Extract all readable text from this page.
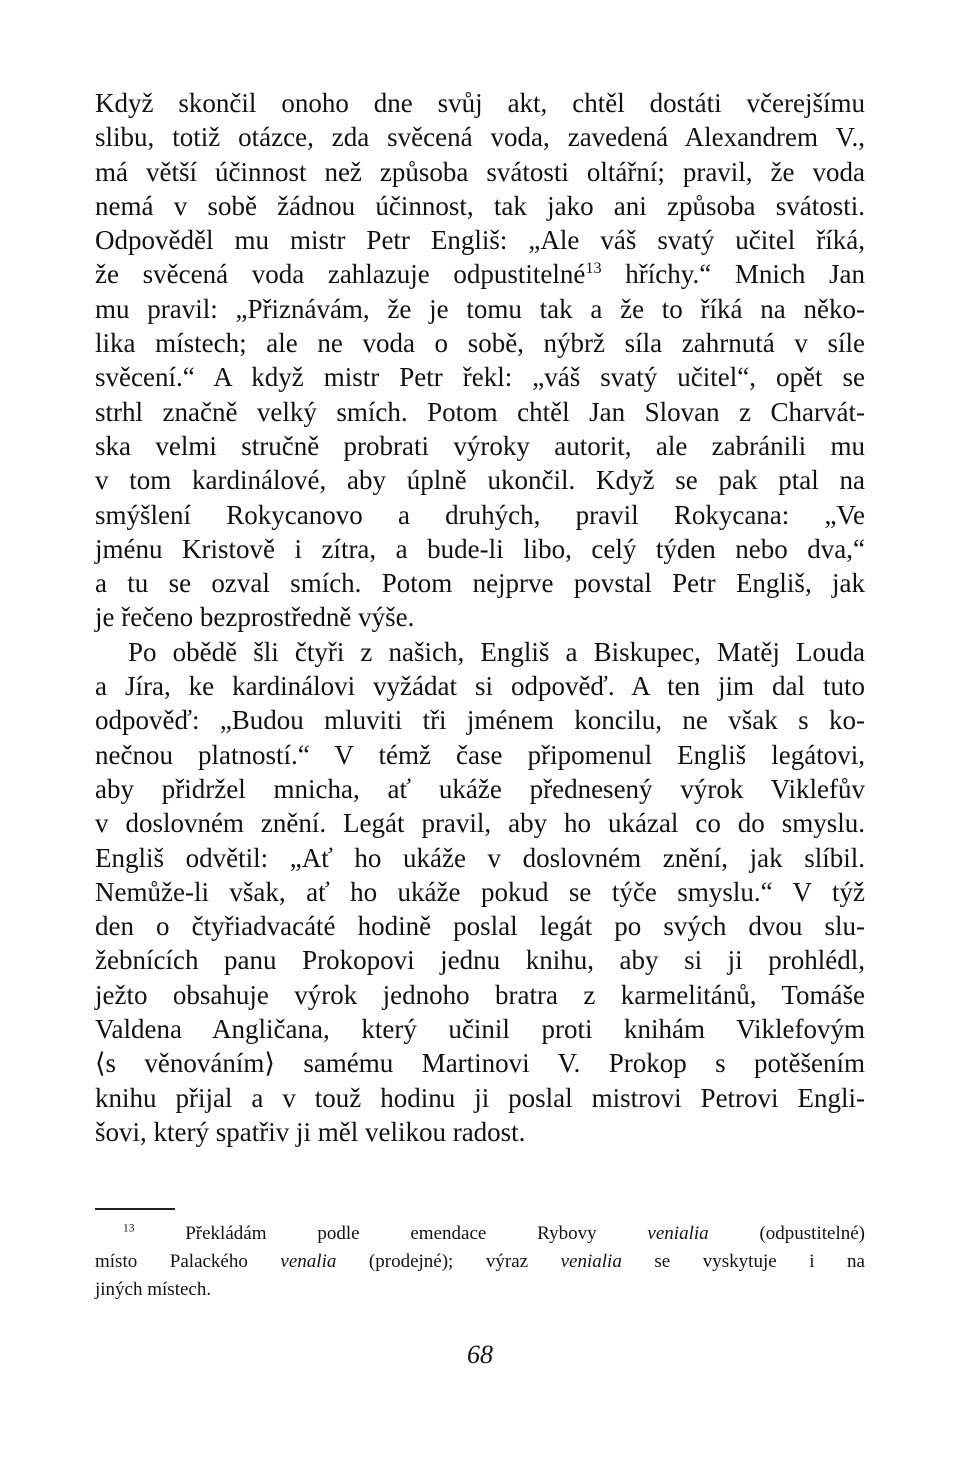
Když skončil onoho dne svůj akt, chtěl dostáti včerejšímu
slibu, totiž otázce, zda svěcená voda, zavedená Alexandrem V.,
má větší účinnost než způsoba svátosti oltářní; pravil, že voda
nemá v sobě žádnou účinnost, tak jako ani způsoba svátosti.
Odpověděl mu mistr Petr Engliš: „Ale váš svatý učitel říká,
že svěcená voda zahlazuje odpustitelné$^{13}$ hříchy.“ Mnich Jan
mu pravil: „Přiznávám, že je tomu tak a že to říká na něko-
lika místech; ale ne voda o sobě, nýbrž síla zahrnutá v síle
svěcení.“ A když mistr Petr řekl: „váš svatý učitel“, opět se
strhl značně velký smích. Potom chtěl Jan Slovan z Charvát-
ska velmi stručně probrati výroky autorit, ale zabránili mu
v tom kardinálové, aby úplně ukončil. Když se pak ptal na
smýšlení Rokycanovo a druhých, pravil Rokycana: „Ve
jménu Kristově i zítra, a bude-li libo, celý týden nebo dva,“
a tu se ozval smích. Potom nejprve povstal Petr Engliš, jak
je řečeno bezprostředně výše.
Po obědě šli čtyři z našich, Engliš a Biskupec, Matěj Louda
a Jíra, ke kardinálovi vyžádat si odpověď. A ten jim dal tuto
odpověď: „Budou mluviti tři jménem koncilu, ne však s ko-
nečnou platností.“ V témž čase připomenul Engliš legátovi,
aby přidržel mnicha, ať ukáže přednesený výrok Viklefův
v doslovném znění. Legát pravil, aby ho ukázal co do smyslu.
Engliš odvětil: „Ať ho ukáže v doslovném znění, jak slíbil.
Nemůže-li však, ať ho ukáže pokud se týče smyslu.“ V týž
den o čtyřiadvacáté hodině poslal legát po svých dvou slu-
žebnících panu Prokopovi jednu knihu, aby si ji prohlédl,
ježto obsahuje výrok jednoho bratra z karmelitánů, Tomáše
Valdena Angličana, který učinil proti knihám Viklefovým
⟨s věnováním⟩ samému Martinovi V. Prokop s potěšením
knihu přijal a v touž hodinu ji poslal mistrovi Petrovi Engli-
šovi, který spatřiv ji měl velikou radost.
$^{13}$ Překládám podle emendace Rybovy venialia (odpustitelné)
místo Palackého venalia (prodejné); výraz venialia se vyskytuje i na
jiných místech.
68
